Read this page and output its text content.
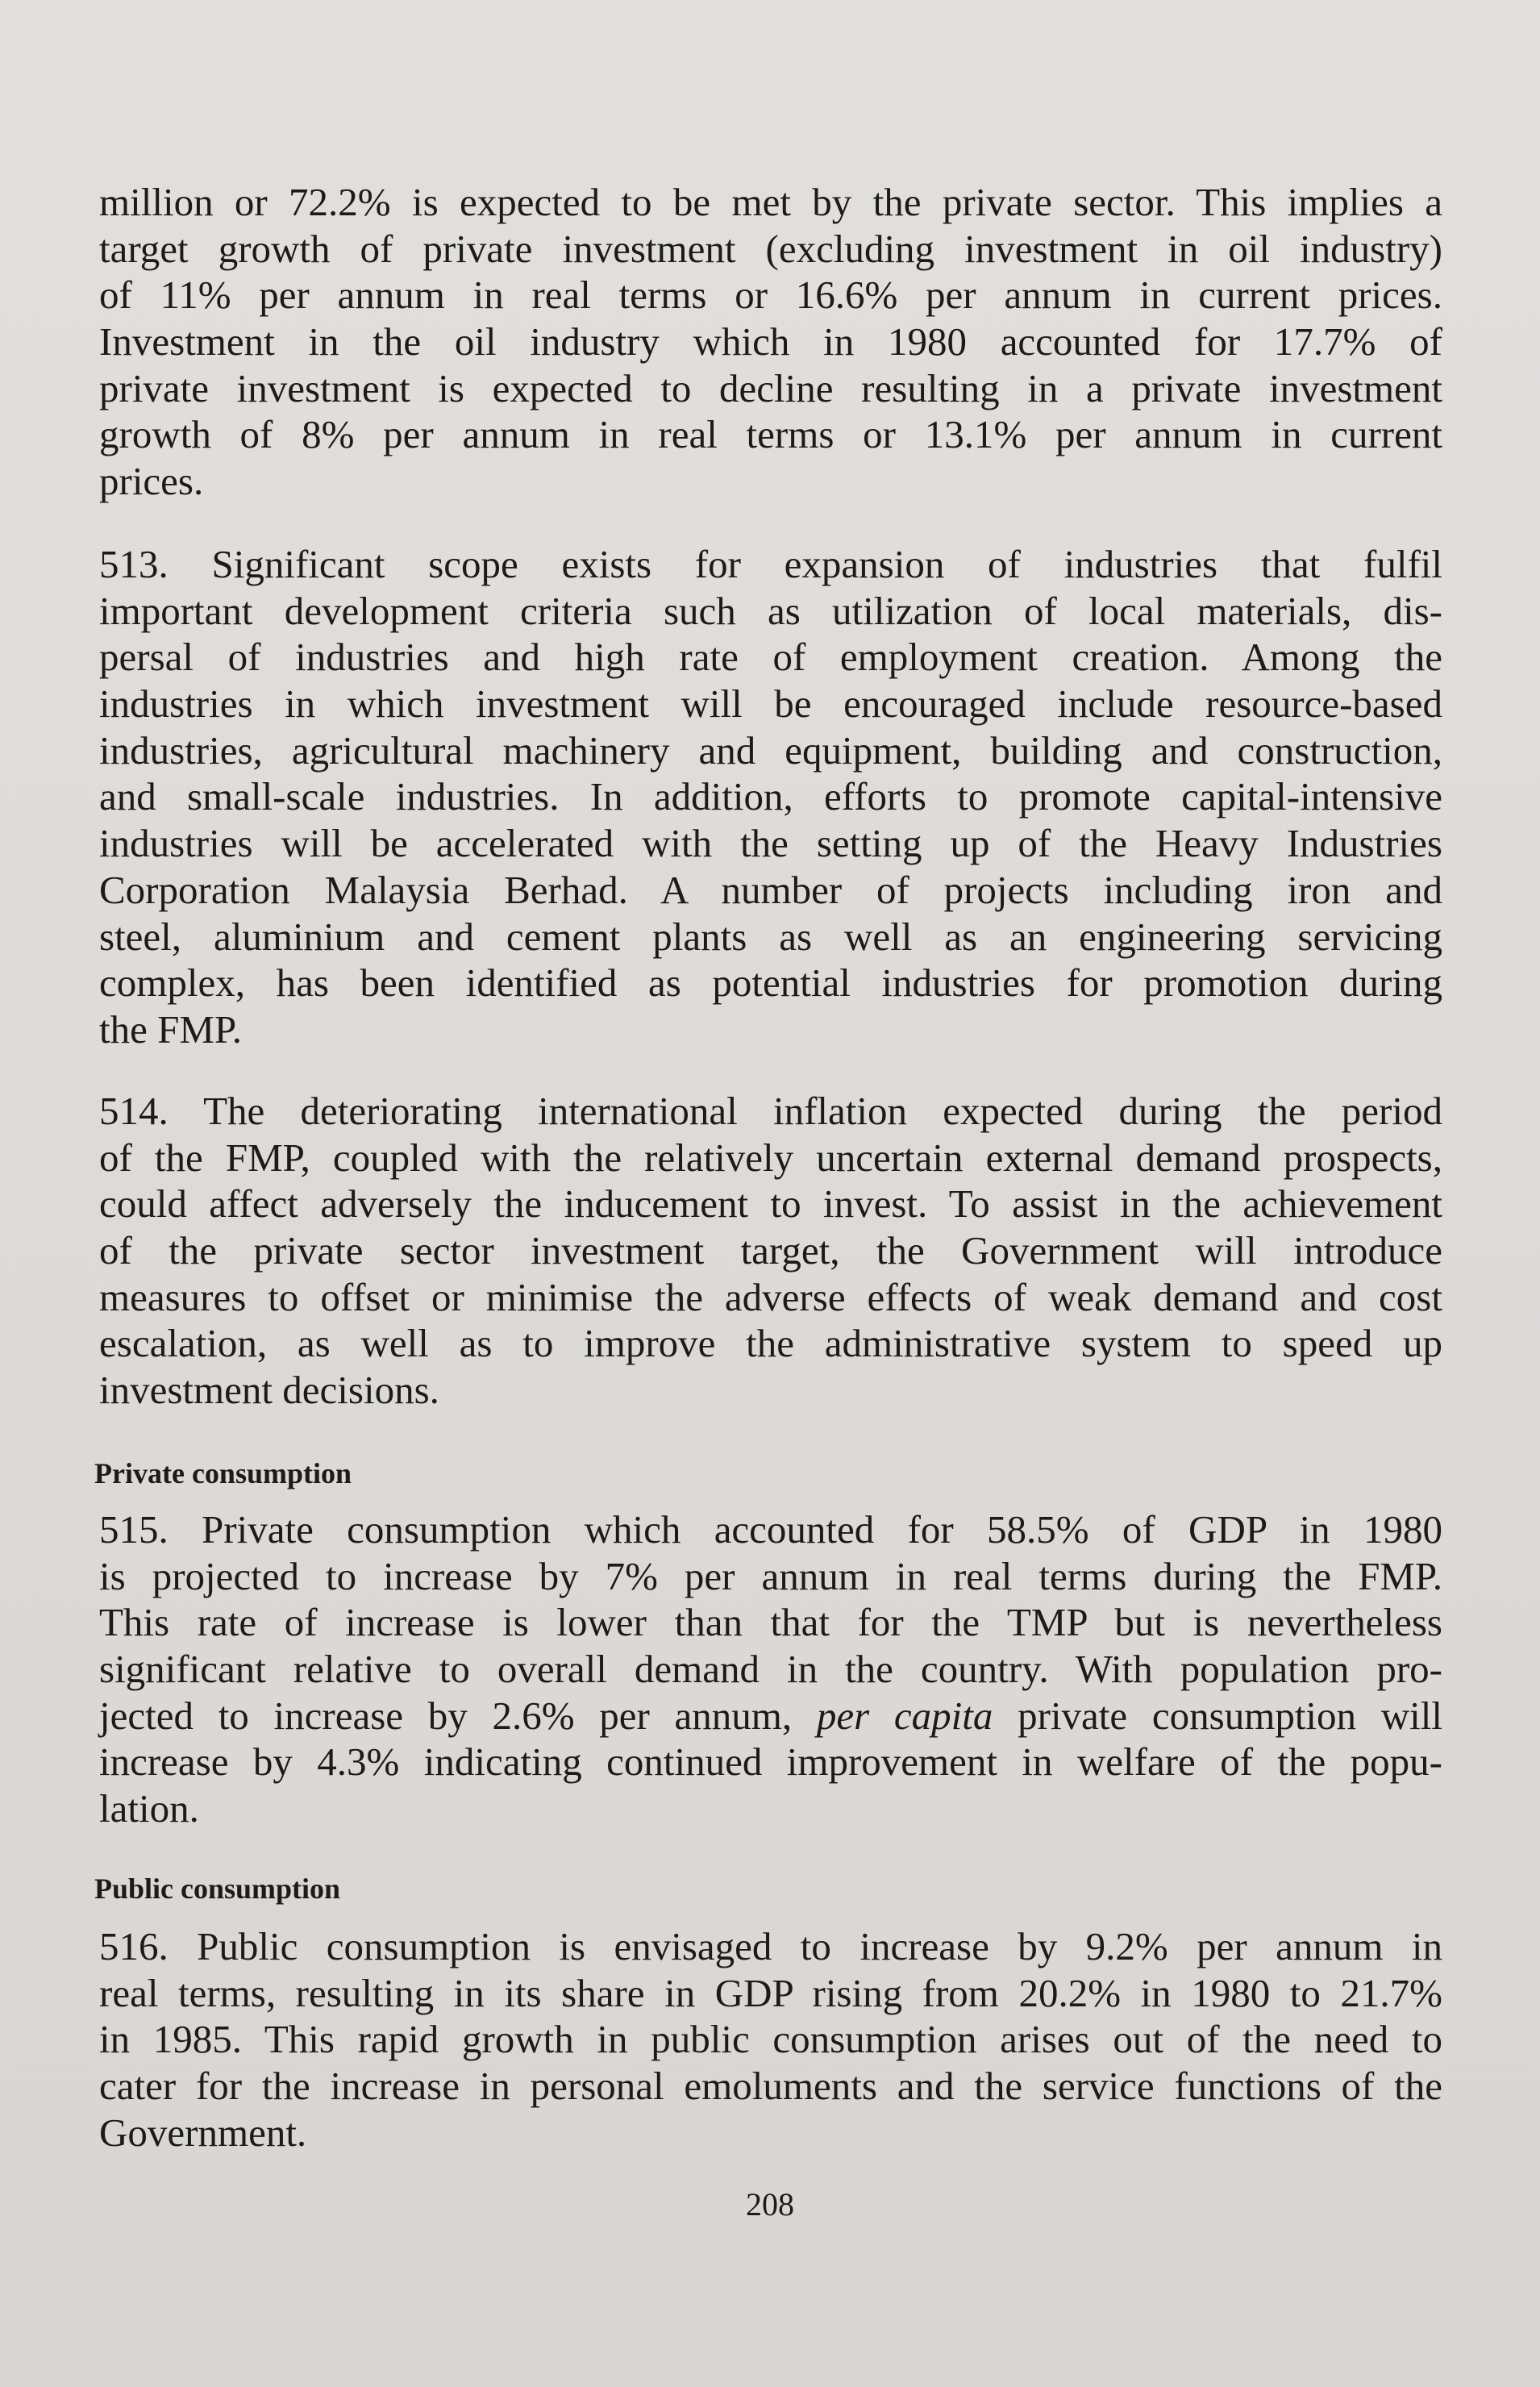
Private consumption
Public consumption
208
million or 72.2% is expected to be met by the private sector. This implies a
target growth of private investment (excluding investment in oil industry)
of 11% per annum in real terms or 16.6% per annum in current prices.
Investment in the oil industry which in 1980 accounted for 17.7% of
private investment is expected to decline resulting in a private investment
growth of 8% per annum in real terms or 13.1% per annum in current
prices.
513. Significant scope exists for expansion of industries that fulfil
important development criteria such as utilization of local materials, dis-
persal of industries and high rate of employment creation. Among the
industries in which investment will be encouraged include resource-based
industries, agricultural machinery and equipment, building and construction,
and small-scale industries. In addition, efforts to promote capital-intensive
industries will be accelerated with the setting up of the Heavy Industries
Corporation Malaysia Berhad. A number of projects including iron and
steel, aluminium and cement plants as well as an engineering servicing
complex, has been identified as potential industries for promotion during
the FMP.
514. The deteriorating international inflation expected during the period
of the FMP, coupled with the relatively uncertain external demand prospects,
could affect adversely the inducement to invest. To assist in the achievement
of the private sector investment target, the Government will introduce
measures to offset or minimise the adverse effects of weak demand and cost
escalation, as well as to improve the administrative system to speed up
investment decisions.
515. Private consumption which accounted for 58.5% of GDP in 1980
is projected to increase by 7% per annum in real terms during the FMP.
This rate of increase is lower than that for the TMP but is nevertheless
significant relative to overall demand in the country. With population pro-
jected to increase by 2.6% per annum, per capita private consumption will
increase by 4.3% indicating continued improvement in welfare of the popu-
lation.
516. Public consumption is envisaged to increase by 9.2% per annum in
real terms, resulting in its share in GDP rising from 20.2% in 1980 to 21.7%
in 1985. This rapid growth in public consumption arises out of the need to
cater for the increase in personal emoluments and the service functions of the
Government.
